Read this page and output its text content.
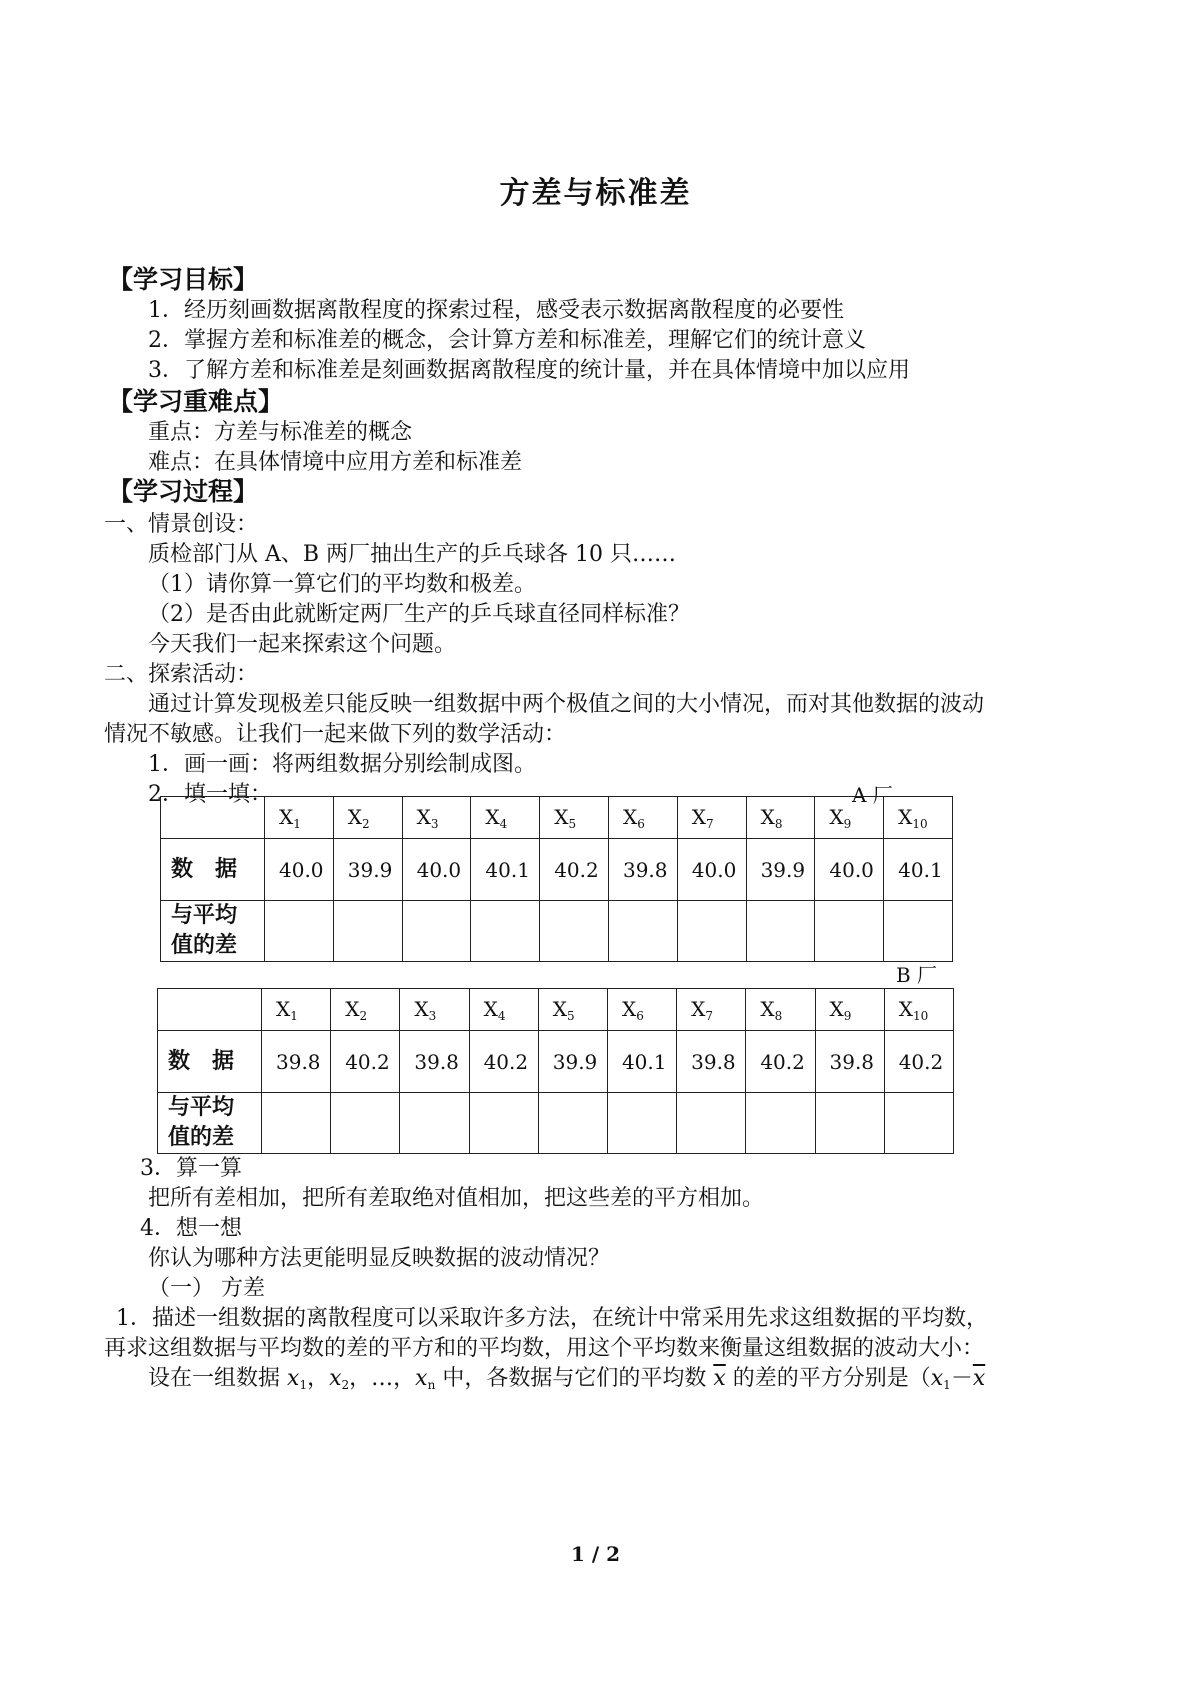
方差与标准差
【学习目标】
1．经历刻画数据离散程度的探索过程，感受表示数据离散程度的必要性
2．掌握方差和标准差的概念，会计算方差和标准差，理解它们的统计意义
3．了解方差和标准差是刻画数据离散程度的统计量，并在具体情境中加以应用
【学习重难点】
重点：方差与标准差的概念
难点：在具体情境中应用方差和标准差
【学习过程】
一、情景创设：
质检部门从 A、B 两厂抽出生产的乒乓球各 10 只……
（1）请你算一算它们的平均数和极差。
（2）是否由此就断定两厂生产的乒乓球直径同样标准？
今天我们一起来探索这个问题。
二、探索活动：
通过计算发现极差只能反映一组数据中两个极值之间的大小情况，而对其他数据的波动
情况不敏感。让我们一起来做下列的数学活动：
1．画一画：将两组数据分别绘制成图。
2．填一填：	A 厂
	$X_1$	$X_2$	$X_3$	$X_4$	$X_5$	$X_6$	$X_7$	$X_8$	$X_9$	$X_{10}$
数　据	40.0	39.9	40.0	40.1	40.2	39.8	40.0	39.9	40.0	40.1
与平均
值的差										
B 厂
	$X_1$	$X_2$	$X_3$	$X_4$	$X_5$	$X_6$	$X_7$	$X_8$	$X_9$	$X_{10}$
数　据	39.8	40.2	39.8	40.2	39.9	40.1	39.8	40.2	39.8	40.2
与平均
值的差										
3．算一算
把所有差相加，把所有差取绝对值相加，把这些差的平方相加。
4．想一想
你认为哪种方法更能明显反映数据的波动情况？
（一） 方差
1．描述一组数据的离散程度可以采取许多方法，在统计中常采用先求这组数据的平均数，
再求这组数据与平均数的差的平方和的平均数，用这个平均数来衡量这组数据的波动大小：
设在一组数据 $x_1$，$x_2$，…，$x_n$ 中，各数据与它们的平均数 $\overline{x}$ 的差的平方分别是（$x_1-\overline{x}$
1 / 2
